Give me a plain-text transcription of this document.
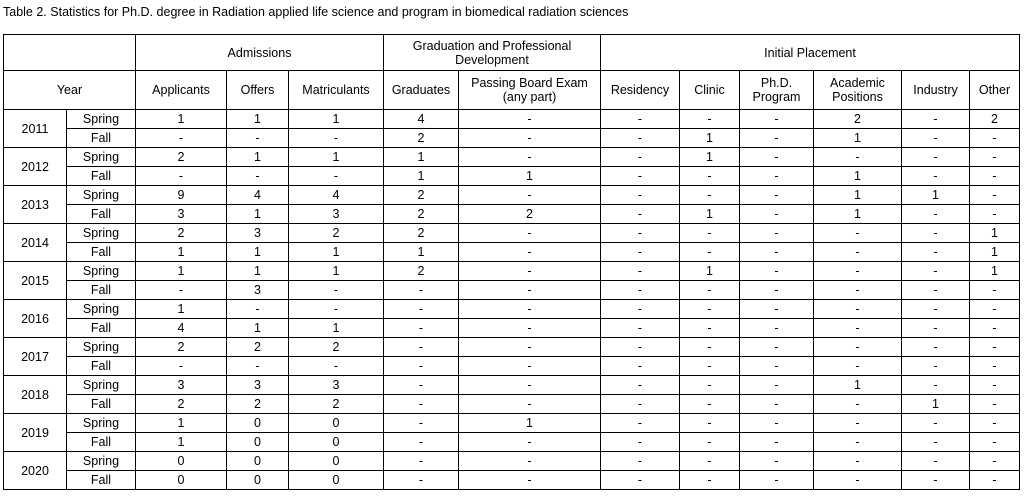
Table 2. Statistics for Ph.D. degree in Radiation applied life science and program in biomedical radiation sciences
		Admissions			Graduation and Professional Development		Initial Placement					
Year		Applicants	Offers	Matriculants	Graduates	Passing Board Exam (any part)	Residency	Clinic	Ph.D. Program	Academic Positions	Industry	Other
2011	Spring	1	1	1	4	-	-	-	-	2	-	2
	Fall	-	-	-	2	-	-	1	-	1	-	-
2012	Spring	2	1	1	1	-	-	1	-	-	-	-
	Fall	-	-	-	1	1	-	-	-	1	-	-
2013	Spring	9	4	4	2	-	-	-	-	1	1	-
	Fall	3	1	3	2	2	-	1	-	1	-	-
2014	Spring	2	3	2	2	-	-	-	-	-	-	1
	Fall	1	1	1	1	-	-	-	-	-	-	1
2015	Spring	1	1	1	2	-	-	1	-	-	-	1
	Fall	-	3	-	-	-	-	-	-	-	-	-
2016	Spring	1	-	-	-	-	-	-	-	-	-	-
	Fall	4	1	1	-	-	-	-	-	-	-	-
2017	Spring	2	2	2	-	-	-	-	-	-	-	-
	Fall	-	-	-	-	-	-	-	-	-	-	-
2018	Spring	3	3	3	-	-	-	-	-	1	-	-
	Fall	2	2	2	-	-	-	-	-	-	1	-
2019	Spring	1	0	0	-	1	-	-	-	-	-	-
	Fall	1	0	0	-	-	-	-	-	-	-	-
2020	Spring	0	0	0	-	-	-	-	-	-	-	-
	Fall	0	0	0	-	-	-	-	-	-	-	-
